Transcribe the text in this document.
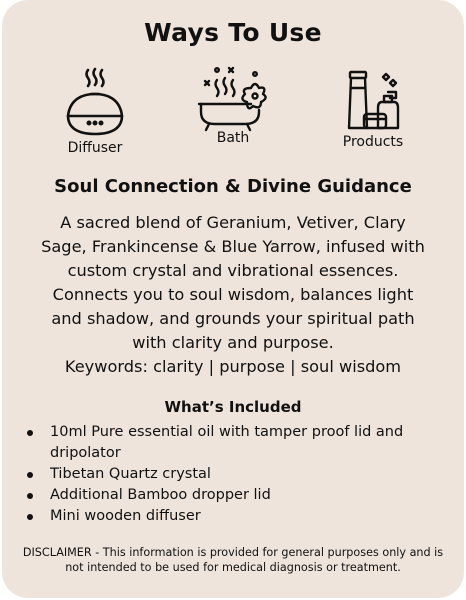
Ways To Use
Diffuser
Bath	Products
Soul Connection & Divine Guidance
A sacred blend of Geranium, Vetiver, Clary
Sage, Frankincense & Blue Yarrow, infused with
custom crystal and vibrational essences.
Connects you to soul wisdom, balances light
and shadow, and grounds your spiritual path
with clarity and purpose.
Keywords: clarity | purpose | soul wisdom
What’s Included
10ml Pure essential oil with tamper proof lid and dripolator
Tibetan Quartz crystal
Additional Bamboo dropper lid
Mini wooden diffuser
DISCLAIMER - This information is provided for general purposes only and is not intended to be used for medical diagnosis or treatment.
